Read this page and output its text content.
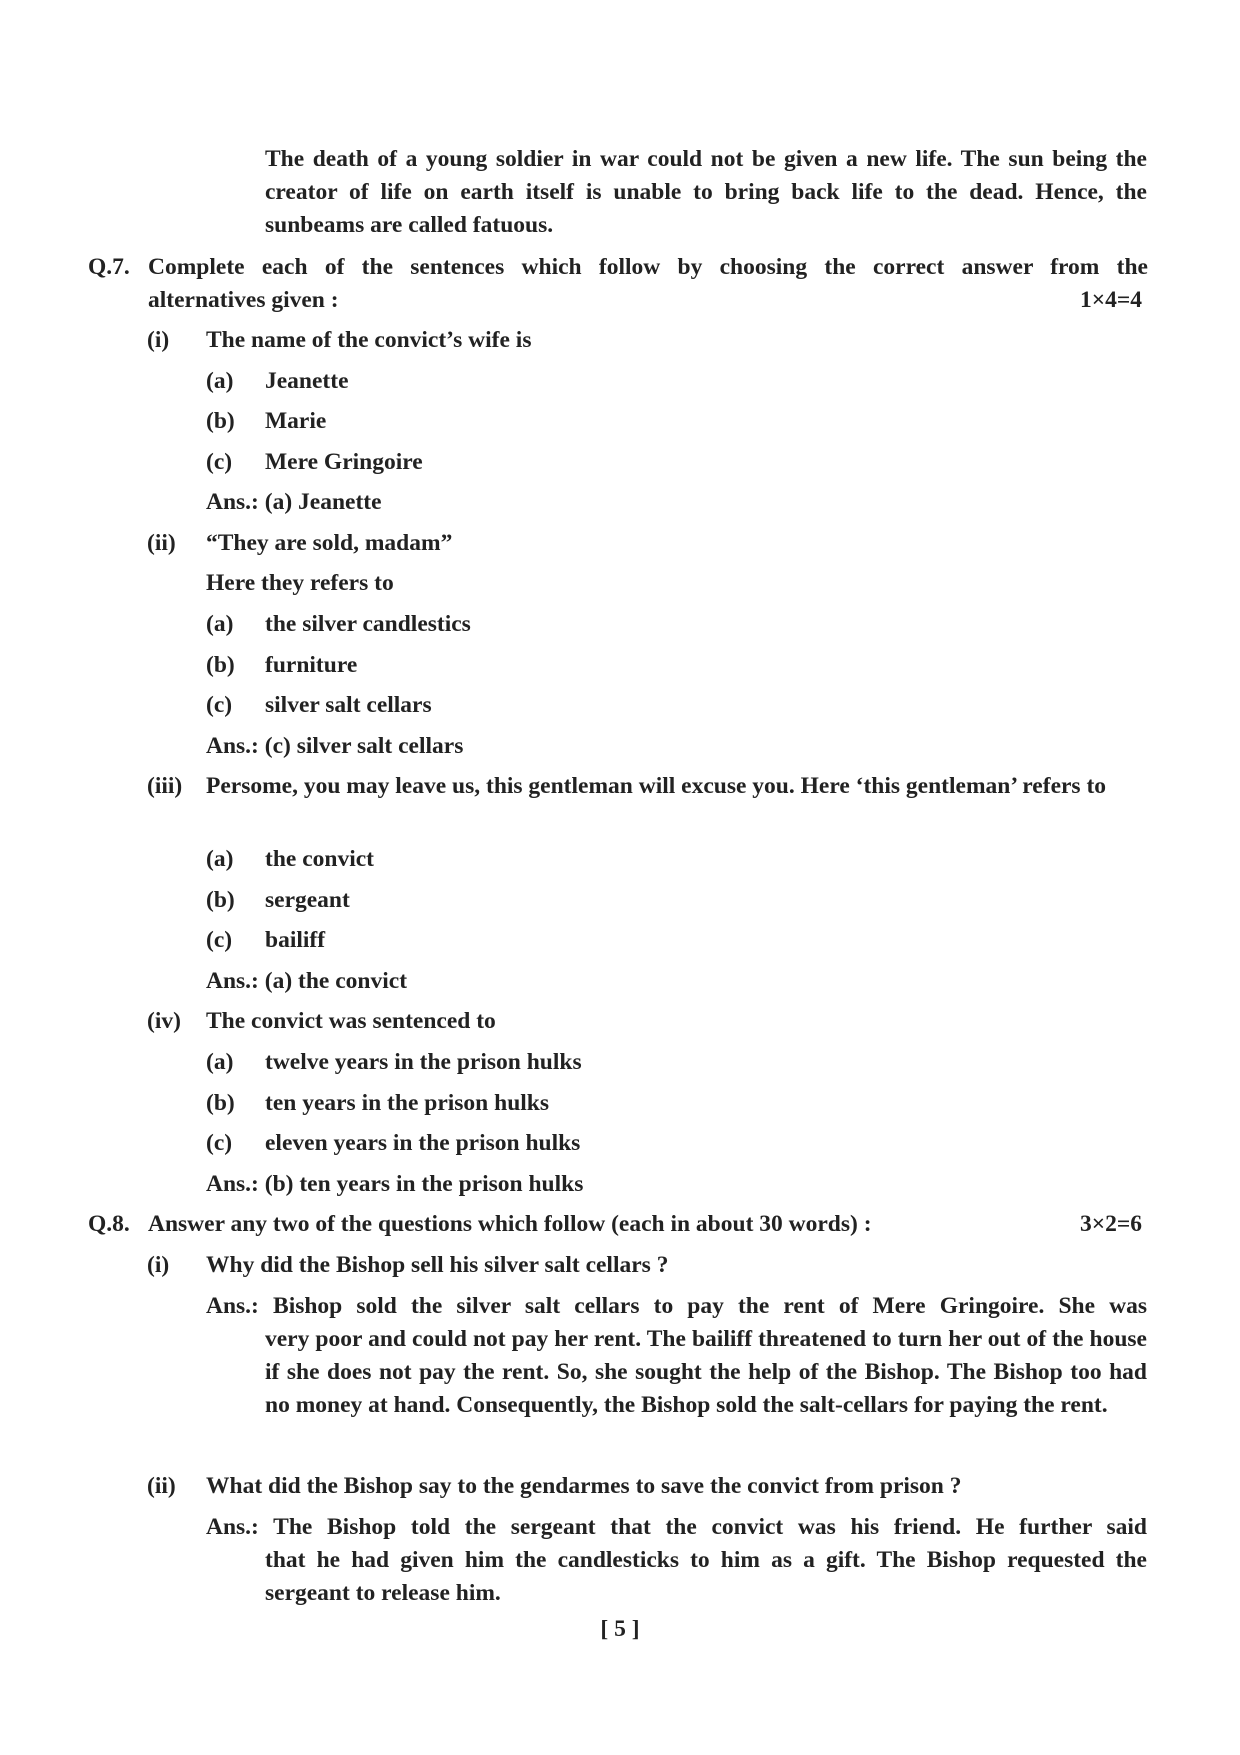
The death of a young soldier in war could not be given a new life. The sun being the creator of life on earth itself is unable to bring back life to the dead. Hence, the sunbeams are called fatuous.
Q.7. Complete each of the sentences which follow by choosing the correct answer from the
alternatives given :	1×4=4
(i) The name of the convict’s wife is
(a) Jeanette
(b) Marie
(c) Mere Gringoire
Ans.: (a) Jeanette
(ii) “They are sold, madam”
Here they refers to
(a) the silver candlestics
(b) furniture
(c) silver salt cellars
Ans.: (c) silver salt cellars
(iii) Persome, you may leave us, this gentleman will excuse you. Here ‘this gentleman’ refers to
(a) the convict
(b) sergeant
(c) bailiff
Ans.: (a) the convict
(iv) The convict was sentenced to
(a) twelve years in the prison hulks
(b) ten years in the prison hulks
(c) eleven years in the prison hulks
Ans.: (b) ten years in the prison hulks
Q.8. Answer any two of the questions which follow (each in about 30 words) :	3×2=6
(i) Why did the Bishop sell his silver salt cellars ?
Ans.: Bishop sold the silver salt cellars to pay the rent of Mere Gringoire. She was
very poor and could not pay her rent. The bailiff threatened to turn her out of the house if she does not pay the rent. So, she sought the help of the Bishop. The Bishop too had no money at hand. Consequently, the Bishop sold the salt-cellars for paying the rent.
(ii) What did the Bishop say to the gendarmes to save the convict from prison ?
Ans.: The Bishop told the sergeant that the convict was his friend. He further said
that he had given him the candlesticks to him as a gift. The Bishop requested the sergeant to release him.
[ 5 ]
